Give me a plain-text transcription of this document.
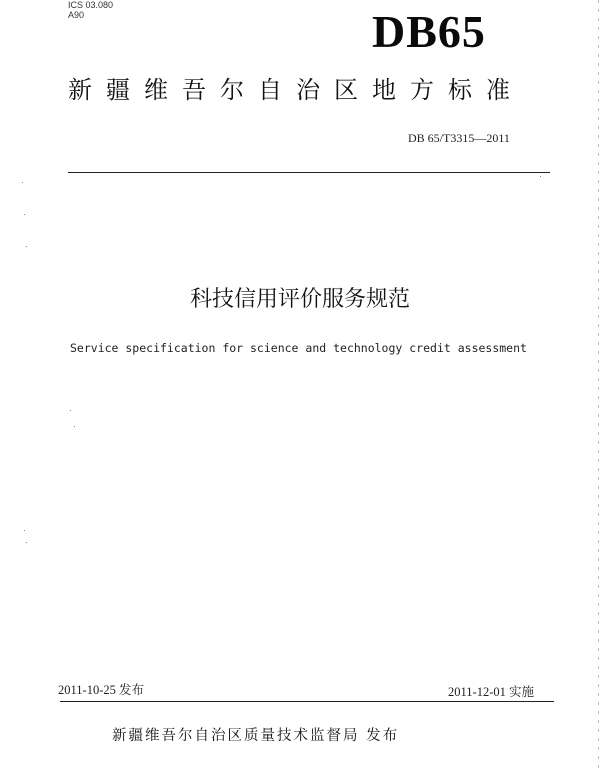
ICS 03.080
A90	DB65
新疆维吾尔自治区地方标准
DB 65/T3315—2011
科技信用评价服务规范
Service specification for science and technology credit assessment
2011-10-25 发布	2011-12-01 实施
新疆维吾尔自治区质量技术监督局 发布
